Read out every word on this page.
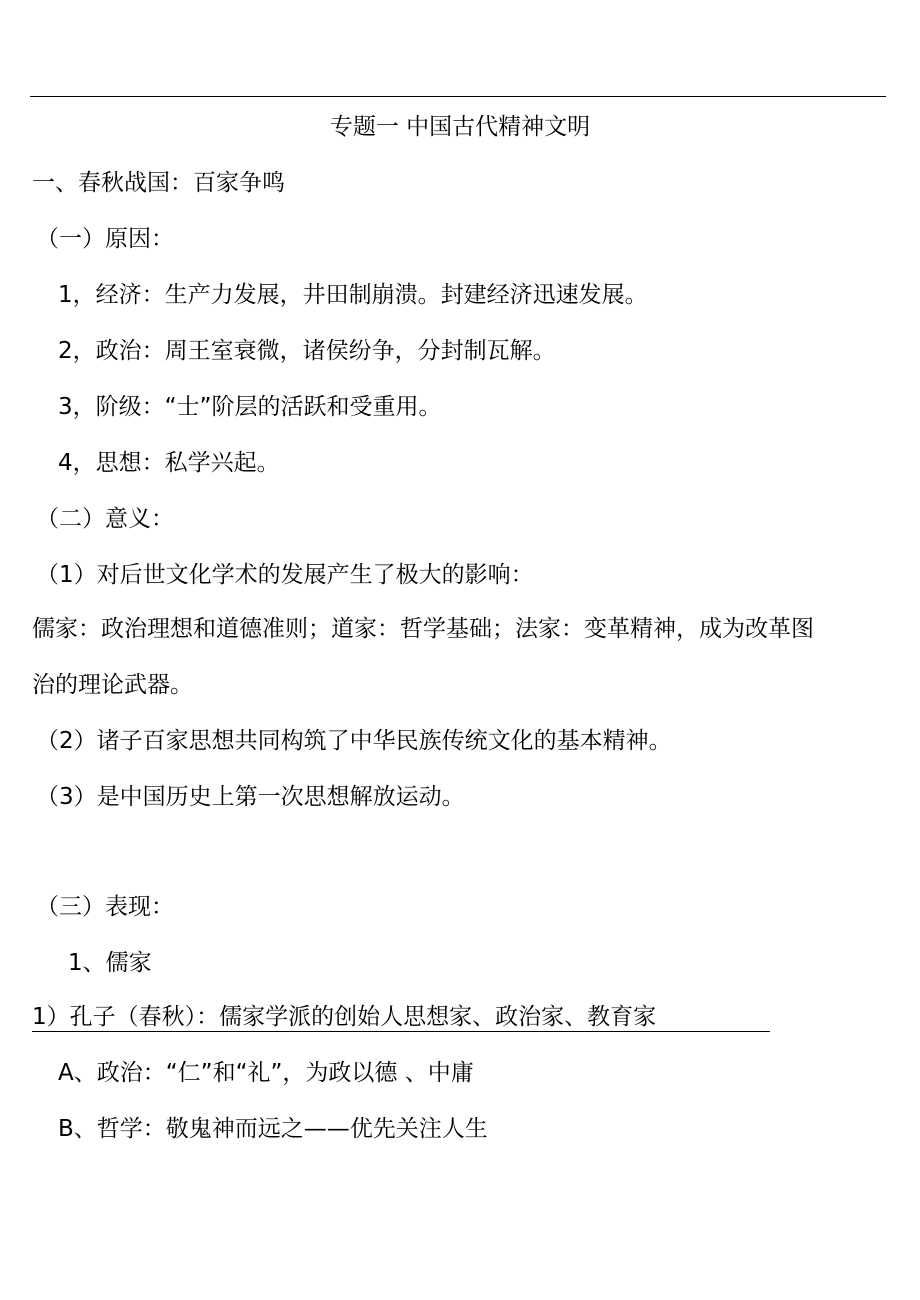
专题一 中国古代精神文明
一、春秋战国：百家争鸣
（一）原因：
1，经济：生产力发展，井田制崩溃。封建经济迅速发展。
2，政治：周王室衰微，诸侯纷争，分封制瓦解。
3，阶级：“士”阶层的活跃和受重用。
4，思想：私学兴起。
（二）意义：
（1）对后世文化学术的发展产生了极大的影响：
儒家：政治理想和道德准则；道家：哲学基础；法家：变革精神，成为改革图
治的理论武器。
（2）诸子百家思想共同构筑了中华民族传统文化的基本精神。
（3）是中国历史上第一次思想解放运动。
（三）表现：
1、儒家
1）孔子（春秋）：儒家学派的创始人思想家、政治家、教育家
A、政治：“仁”和“礼”，为政以德 、中庸
B、哲学：敬鬼神而远之——优先关注人生
